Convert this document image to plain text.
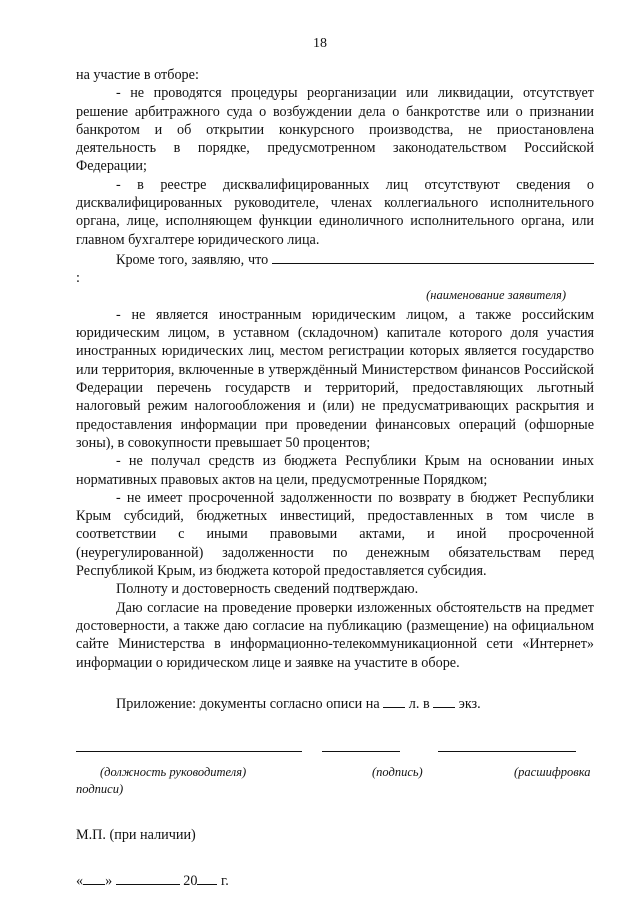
18

на участие в отборе:

- не проводятся процедуры реорганизации или ликвидации, отсутствует решение арбитражного суда о возбуждении дела о банкротстве или о признании банкротом и об открытии конкурсного производства, не приостановлена деятельность в порядке, предусмотренном законодательством Российской Федерации;

- в реестре дисквалифицированных лиц отсутствуют сведения о дисквалифицированных руководителе, членах коллегиального исполнительного органа, лице, исполняющем функции единоличного исполнительного органа, или главном бухгалтере юридического лица.

Кроме того, заявляю, что :

(наименование заявителя)

- не является иностранным юридическим лицом, а также российским юридическим лицом, в уставном (складочном) капитале которого доля участия иностранных юридических лиц, местом регистрации которых является государство или территория, включенные в утверждённый Министерством финансов Российской Федерации перечень государств и территорий, предоставляющих льготный налоговый режим налогообложения и (или) не предусматривающих раскрытия и предоставления информации при проведении финансовых операций (офшорные зоны), в совокупности превышает 50 процентов;

- не получал средств из бюджета Республики Крым на основании иных нормативных правовых актов на цели, предусмотренные Порядком;

- не имеет просроченной задолженности по возврату в бюджет Республики Крым субсидий, бюджетных инвестиций, предоставленных в том числе в соответствии с иными правовыми актами, и иной просроченной (неурегулированной) задолженности по денежным обязательствам перед Республикой Крым, из бюджета которой предоставляется субсидия.

Полноту и достоверность сведений подтверждаю.

Даю согласие на проведение проверки изложенных обстоятельств на предмет достоверности, а также даю согласие на публикацию (размещение) на официальном сайте Министерства в информационно-телекоммуникационной сети «Интернет» информации о юридическом лице и заявке на участите в оборе.

Приложение: документы согласно описи на л. в экз.

(должность руководителя)	(подпись)	(расшифровка
подписи)
М.П. (при наличии)
« »	20 г.
